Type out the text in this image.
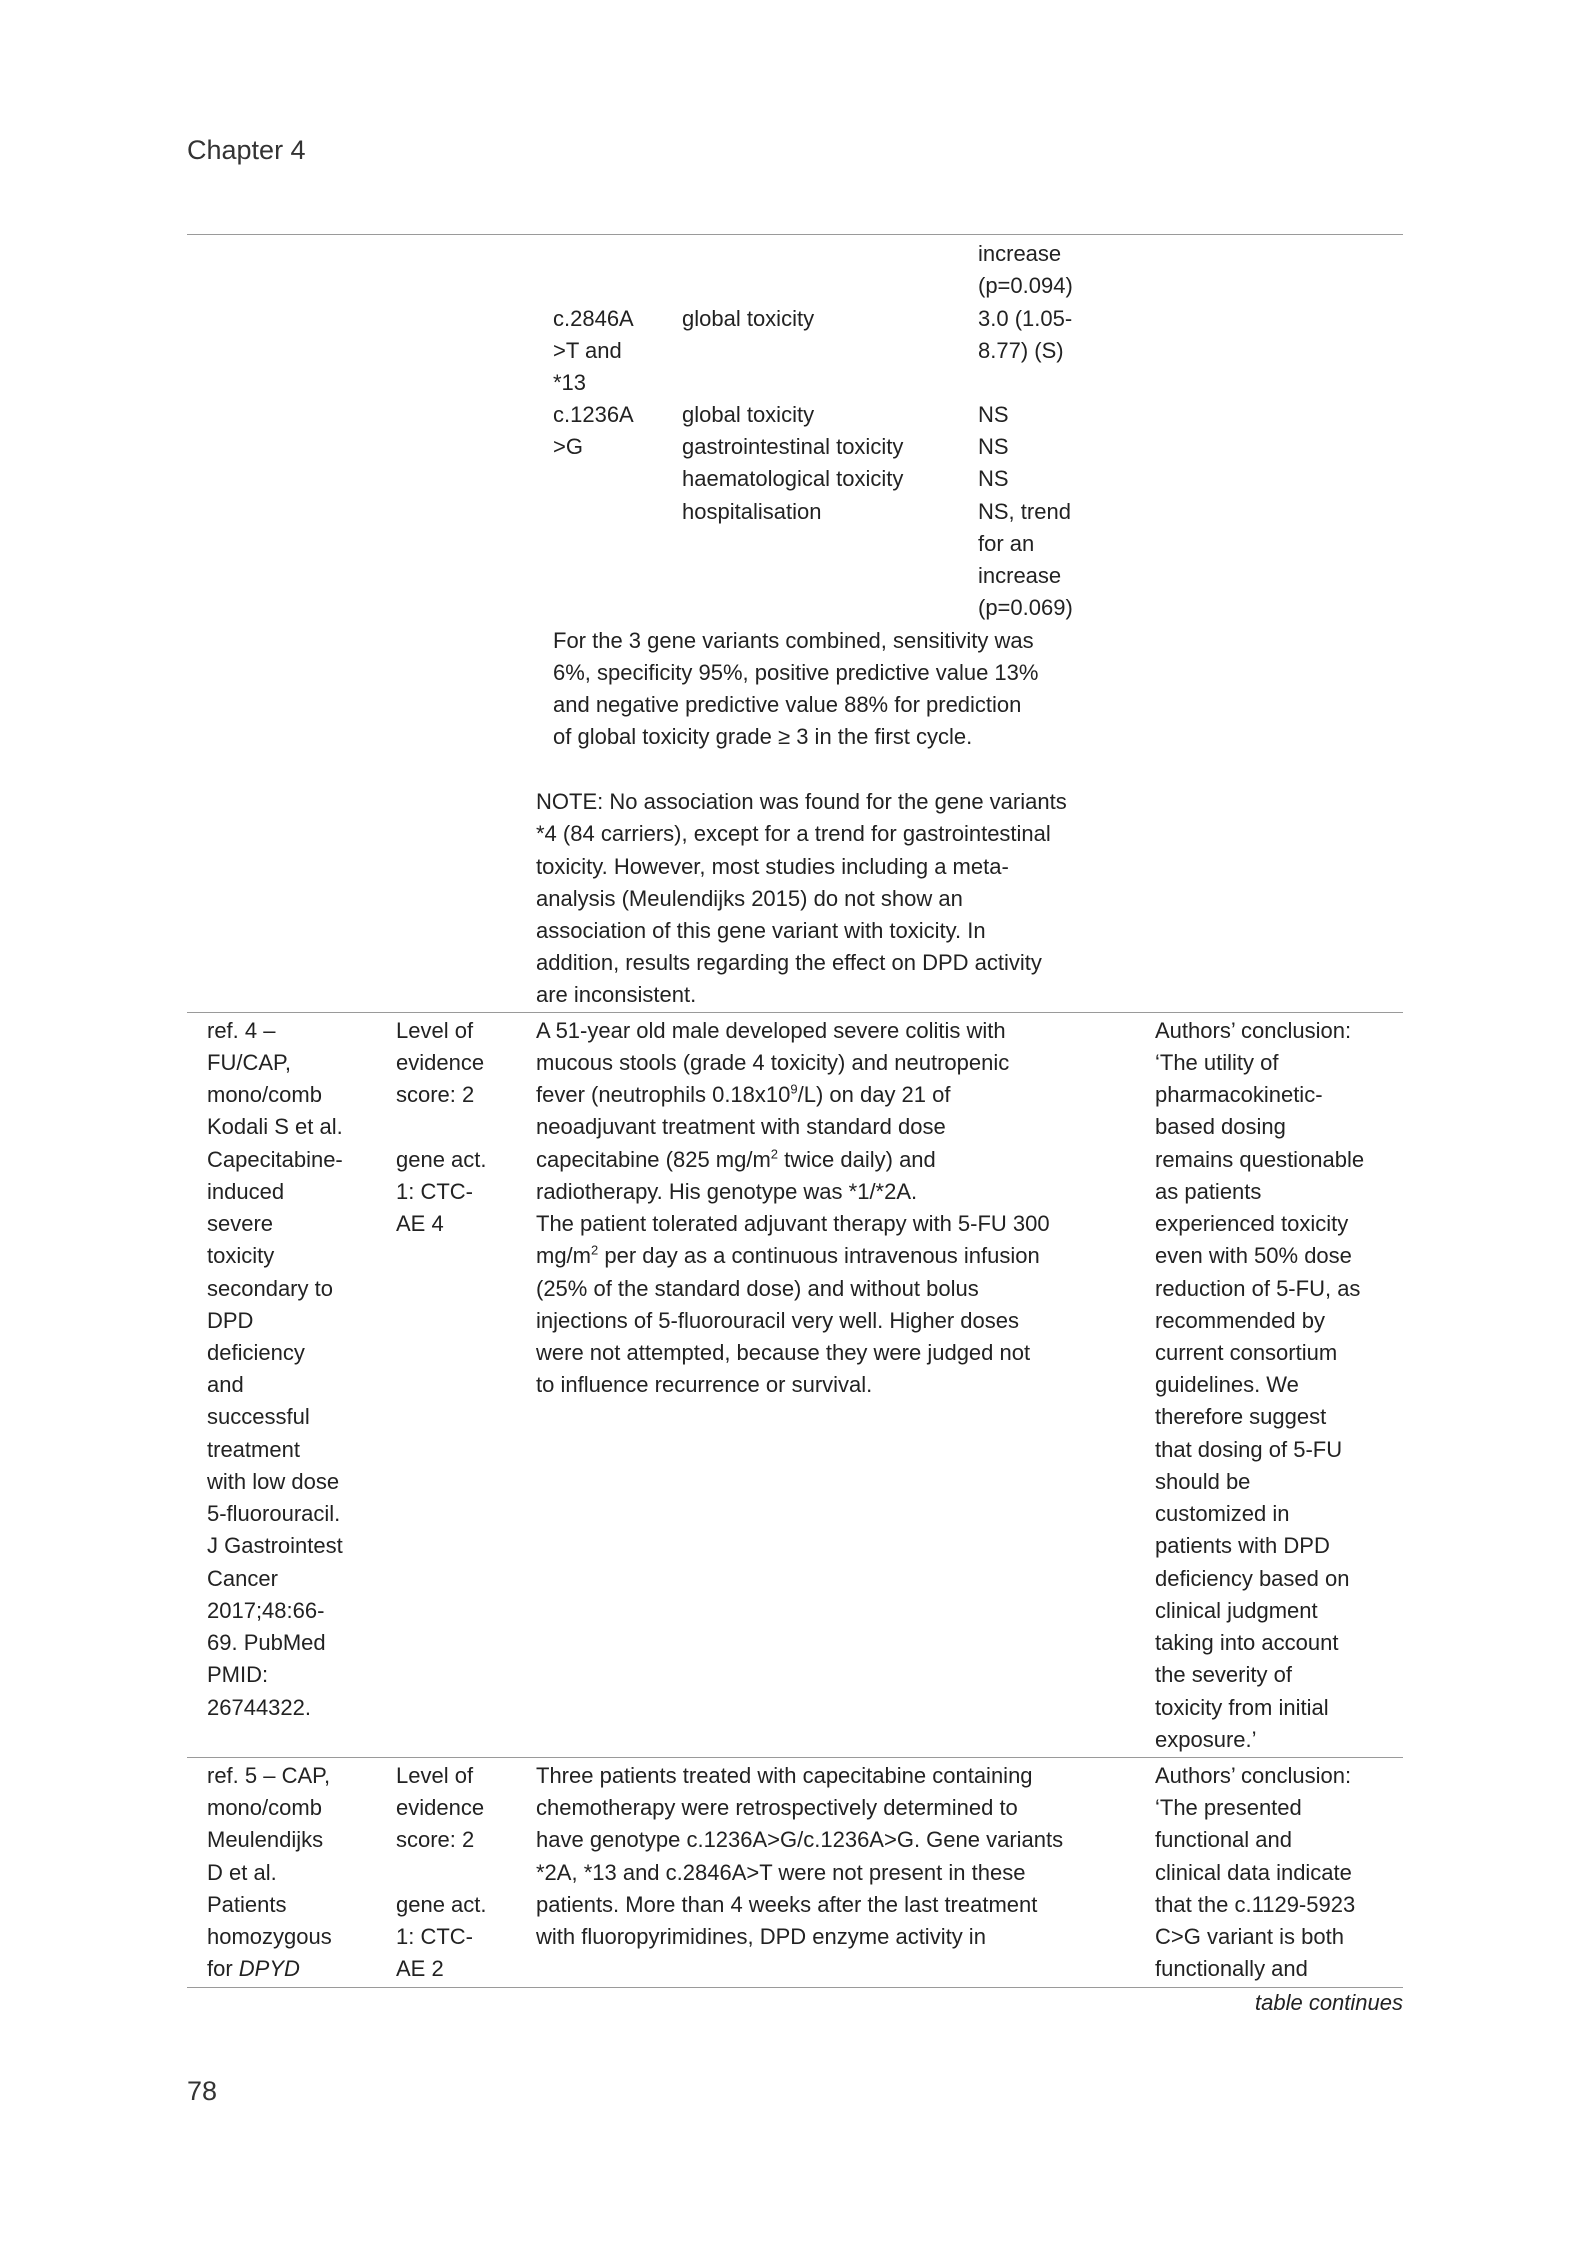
Chapter 4
increase
(p=0.094)
c.2846A
>T and
*13
global toxicity	3.0 (1.05-
8.77) (S)
c.1236A
>G
global toxicity
gastrointestinal toxicity
haematological toxicity
hospitalisation
NS
NS
NS
NS, trend
for an
increase
(p=0.069)
For the 3 gene variants combined, sensitivity was
6%, specificity 95%, positive predictive value 13%
and negative predictive value 88% for prediction
of global toxicity grade ≥ 3 in the first cycle.
NOTE: No association was found for the gene variants
*4 (84 carriers), except for a trend for gastrointestinal
toxicity. However, most studies including a meta-
analysis (Meulendijks 2015) do not show an
association of this gene variant with toxicity. In
addition, results regarding the effect on DPD activity
are inconsistent.
ref. 4 –
FU/CAP,
mono/comb
Kodali S et al.
Capecitabine-
induced
severe
toxicity
secondary to
DPD
deficiency
and
successful
treatment
with low dose
5-fluorouracil.
J Gastrointest
Cancer
2017;48:66-
69. PubMed
PMID:
26744322.
Level of
evidence
score: 2
gene act.
1: CTC-
AE 4
A 51-year old male developed severe colitis with
mucous stools (grade 4 toxicity) and neutropenic
fever (neutrophils $0.18x10^9/L$) on day 21 of
neoadjuvant treatment with standard dose
capecitabine (825 $mg/m^2$ twice daily) and
radiotherapy. His genotype was *1/*2A.
The patient tolerated adjuvant therapy with 5-FU 300
$mg/m^2$ per day as a continuous intravenous infusion
(25% of the standard dose) and without bolus
injections of 5-fluorouracil very well. Higher doses
were not attempted, because they were judged not
to influence recurrence or survival.
Authors’ conclusion:
‘The utility of
pharmacokinetic-
based dosing
remains questionable
as patients
experienced toxicity
even with 50% dose
reduction of 5-FU, as
recommended by
current consortium
guidelines. We
therefore suggest
that dosing of 5-FU
should be
customized in
patients with DPD
deficiency based on
clinical judgment
taking into account
the severity of
toxicity from initial
exposure.’
ref. 5 – CAP,
mono/comb
Meulendijks
D et al.
Patients
homozygous
for DPYD
Level of
evidence
score: 2
gene act.
1: CTC-
AE 2
Three patients treated with capecitabine containing
chemotherapy were retrospectively determined to
have genotype c.1236A>G/c.1236A>G. Gene variants
*2A, *13 and c.2846A>T were not present in these
patients. More than 4 weeks after the last treatment
with fluoropyrimidines, DPD enzyme activity in
Authors’ conclusion:
‘The presented
functional and
clinical data indicate
that the c.1129-5923
C>G variant is both
functionally and
table continues
78
